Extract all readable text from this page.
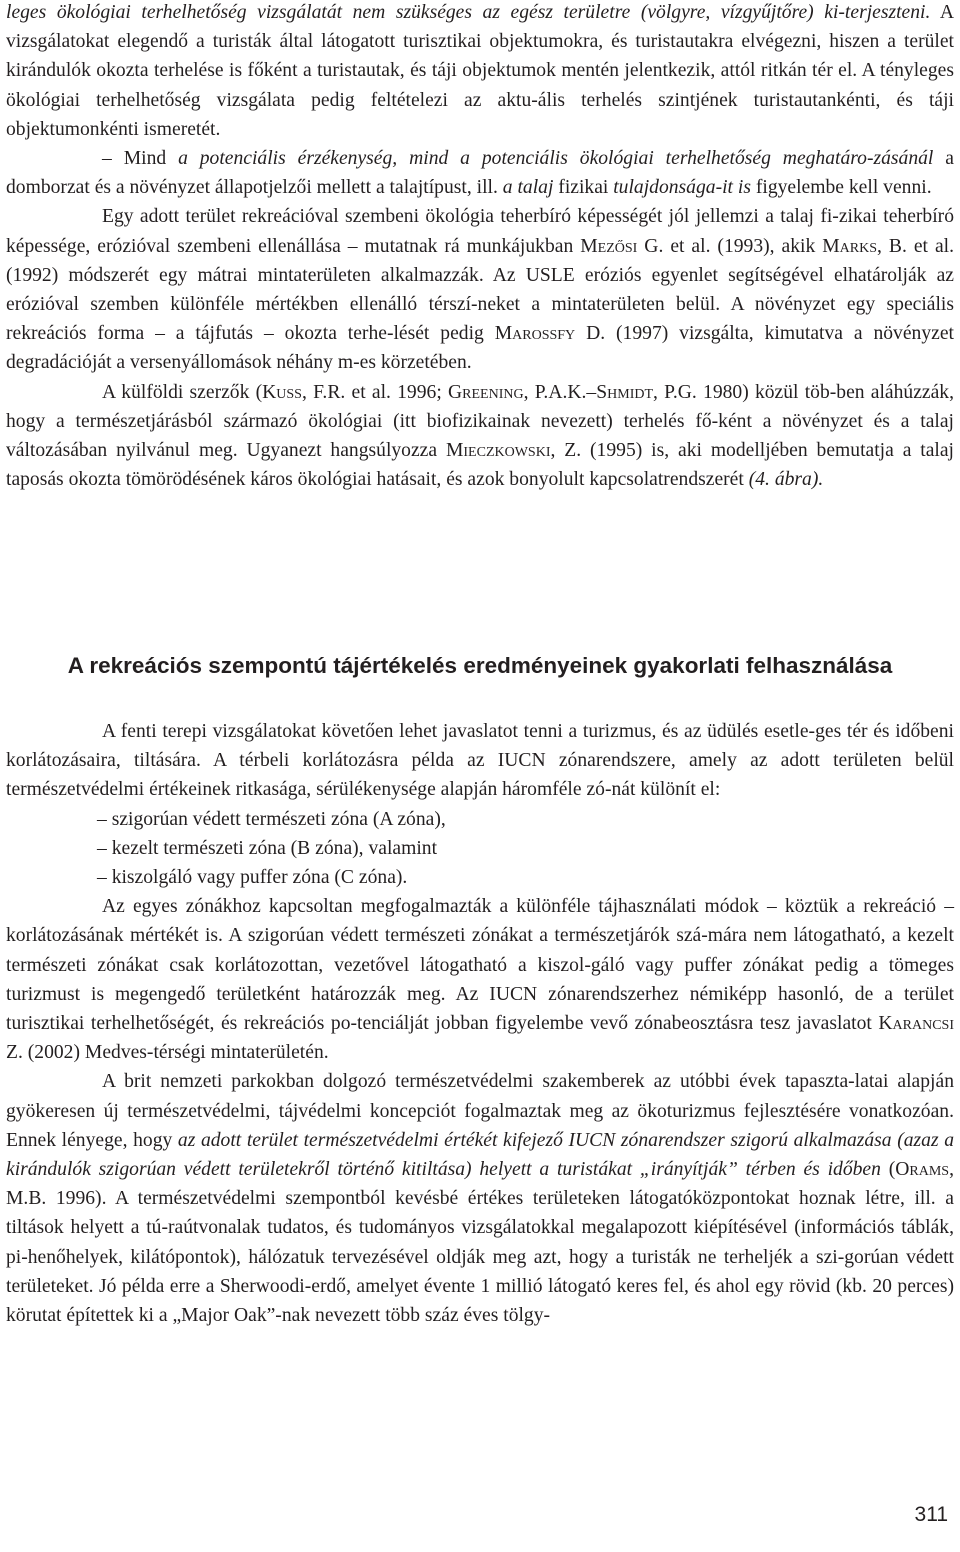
leges ökológiai terhelhetőség vizsgálatát nem szükséges az egész területre (völgyre, vízgyűjtőre) ki-terjeszteni. A vizsgálatokat elegendő a turisták által látogatott turisztikai objektumokra, és turistautakra elvégezni, hiszen a terület kirándulók okozta terhelése is főként a turistautak, és táji objektumok mentén jelentkezik, attól ritkán tér el. A tényleges ökológiai terhelhetőség vizsgálata pedig feltételezi az aktu-ális terhelés szintjének turistautankénti, és táji objektumonkénti ismeretét.

– Mind a potenciális érzékenység, mind a potenciális ökológiai terhelhetőség meghatáro-zásánál a domborzat és a növényzet állapotjelzői mellett a talajtípust, ill. a talaj fizikai tulajdonsága-it is figyelembe kell venni.

Egy adott terület rekreációval szembeni ökológia teherbíró képességét jól jellemzi a talaj fi-zikai teherbíró képessége, erózióval szembeni ellenállása – mutatnak rá munkájukban Mezősi G. et al. (1993), akik Marks, B. et al. (1992) módszerét egy mátrai mintaterületen alkalmazzák. Az USLE eróziós egyenlet segítségével elhatárolják az erózióval szemben különféle mértékben ellenálló térszí-neket a mintaterületen belül. A növényzet egy speciális rekreációs forma – a tájfutás – okozta terhe-lését pedig Marossfy D. (1997) vizsgálta, kimutatva a növényzet degradációját a versenyállomások néhány m-es körzetében.

A külföldi szerzők (Kuss, F.R. et al. 1996; Greening, P.A.K.–Shmidt, P.G. 1980) közül töb-ben aláhúzzák, hogy a természetjárásból származó ökológiai (itt biofizikainak nevezett) terhelés fő-ként a növényzet és a talaj változásában nyilvánul meg. Ugyanezt hangsúlyozza Mieczkowski, Z. (1995) is, aki modelljében bemutatja a talaj taposás okozta tömörödésének káros ökológiai hatásait, és azok bonyolult kapcsolatrendszerét (4. ábra).

A rekreációs szempontú tájértékelés eredményeinek gyakorlati felhasználása

A fenti terepi vizsgálatokat követően lehet javaslatot tenni a turizmus, és az üdülés esetle-ges tér és időbeni korlátozásaira, tiltására. A térbeli korlátozásra példa az IUCN zónarendszere, amely az adott területen belül természetvédelmi értékeinek ritkasága, sérülékenysége alapján háromféle zó-nát különít el:

– szigorúan védett természeti zóna (A zóna),
– kezelt természeti zóna (B zóna), valamint
– kiszolgáló vagy puffer zóna (C zóna).

Az egyes zónákhoz kapcsoltan megfogalmazták a különféle tájhasználati módok – köztük a rekreáció – korlátozásának mértékét is. A szigorúan védett természeti zónákat a természetjárók szá-mára nem látogatható, a kezelt természeti zónákat csak korlátozottan, vezetővel látogatható a kiszol-gáló vagy puffer zónákat pedig a tömeges turizmust is megengedő területként határozzák meg. Az IUCN zónarendszerhez némiképp hasonló, de a terület turisztikai terhelhetőségét, és rekreációs po-tenciálját jobban figyelembe vevő zónabeosztásra tesz javaslatot Karancsi Z. (2002) Medves-térségi mintaterületén.

A brit nemzeti parkokban dolgozó természetvédelmi szakemberek az utóbbi évek tapaszta-latai alapján gyökeresen új természetvédelmi, tájvédelmi koncepciót fogalmaztak meg az ökoturizmus fejlesztésére vonatkozóan. Ennek lényege, hogy az adott terület természetvédelmi értékét kifejező IUCN zónarendszer szigorú alkalmazása (azaz a kirándulók szigorúan védett területekről történő kitiltása) helyett a turistákat „irányítják” térben és időben (Orams, M.B. 1996). A természetvédelmi szempontból kevésbé értékes területeken látogatóközpontokat hoznak létre, ill. a tiltások helyett a tú-raútvonalak tudatos, és tudományos vizsgálatokkal megalapozott kiépítésével (információs táblák, pi-henőhelyek, kilátópontok), hálózatuk tervezésével oldják meg azt, hogy a turisták ne terheljék a szi-gorúan védett területeket. Jó példa erre a Sherwoodi-erdő, amelyet évente 1 millió látogató keres fel, és ahol egy rövid (kb. 20 perces) körutat építettek ki a „Major Oak”-nak nevezett több száz éves tölgy-

311
